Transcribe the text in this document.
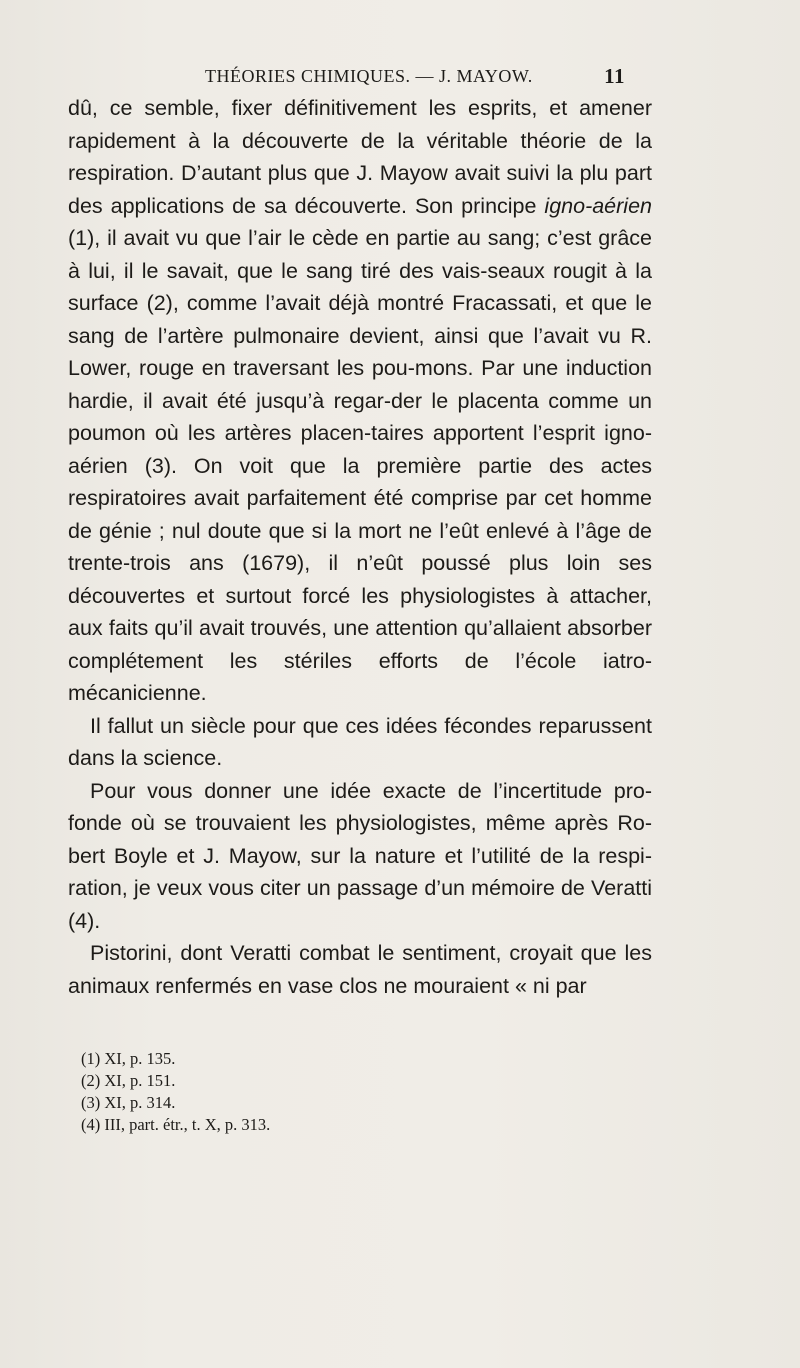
THÉORIES CHIMIQUES. — J. MAYOW.	11

dû, ce semble, fixer définitivement les esprits, et amener rapidement à la découverte de la véritable théorie de la respiration. D’autant plus que J. Mayow avait suivi la plu part des applications de sa découverte. Son principe igno-aérien (1), il avait vu que l’air le cède en partie au sang; c’est grâce à lui, il le savait, que le sang tiré des vais-seaux rougit à la surface (2), comme l’avait déjà montré Fracassati, et que le sang de l’artère pulmonaire devient, ainsi que l’avait vu R. Lower, rouge en traversant les pou-mons. Par une induction hardie, il avait été jusqu’à regar-der le placenta comme un poumon où les artères placen-taires apportent l’esprit igno-aérien (3). On voit que la première partie des actes respiratoires avait parfaitement été comprise par cet homme de génie ; nul doute que si la mort ne l’eût enlevé à l’âge de trente-trois ans (1679), il n’eût poussé plus loin ses découvertes et surtout forcé les physiologistes à attacher, aux faits qu’il avait trouvés, une attention qu’allaient absorber complétement les stériles efforts de l’école iatro-mécanicienne.

Il fallut un siècle pour que ces idées fécondes reparussent dans la science.

Pour vous donner une idée exacte de l’incertitude pro-fonde où se trouvaient les physiologistes, même après Ro-bert Boyle et J. Mayow, sur la nature et l’utilité de la respi-ration, je veux vous citer un passage d’un mémoire de Veratti (4).

Pistorini, dont Veratti combat le sentiment, croyait que les animaux renfermés en vase clos ne mouraient « ni par

(1) XI, p. 135.
(2) XI, p. 151.
(3) XI, p. 314.
(4) III, part. étr., t. X, p. 313.
